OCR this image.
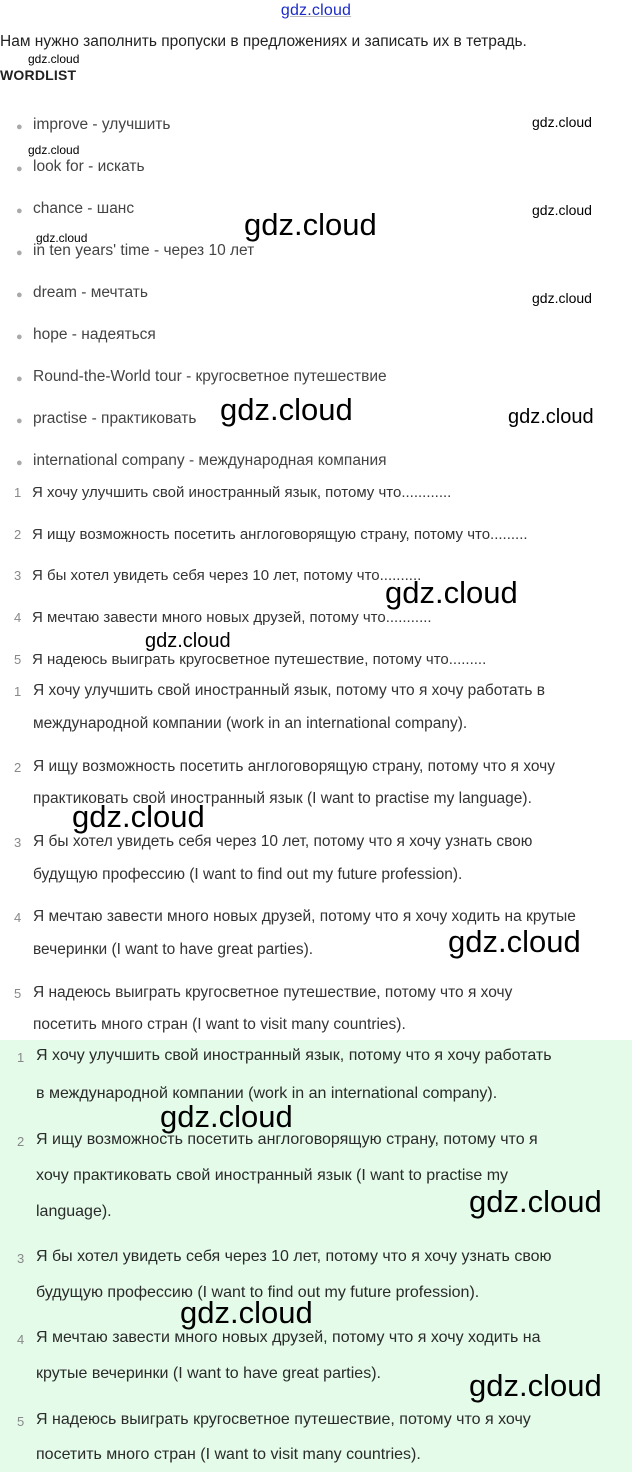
gdz.cloud
Нам нужно заполнить пропуски в предложениях и записать их в тетрадь.
WORDLIST
● improve - улучшить
● look for - искать
● chance - шанс
● in ten years' time - через 10 лет
● dream - мечтать
● hope - надеяться
● Round-the-World tour - кругосветное путешествие
● practise - практиковать
● international company - международная компания
1 Я хочу улучшить свой иностранный язык, потому что............
2 Я ищу возможность посетить англоговорящую страну, потому что.........
3 Я бы хотел увидеть себя через 10 лет, потому что..........
4 Я мечтаю завести много новых друзей, потому что...........
5 Я надеюсь выиграть кругосветное путешествие, потому что.........
1 Я хочу улучшить свой иностранный язык, потому что я хочу работать в
международной компании (work in an international company).
2 Я ищу возможность посетить англоговорящую страну, потому что я хочу
практиковать свой иностранный язык (I want to practise my language).
3 Я бы хотел увидеть себя через 10 лет, потому что я хочу узнать свою
будущую профессию (I want to find out my future profession).
4 Я мечтаю завести много новых друзей, потому что я хочу ходить на крутые
вечеринки (I want to have great parties).
5 Я надеюсь выиграть кругосветное путешествие, потому что я хочу
посетить много стран (I want to visit many countries).
1 Я хочу улучшить свой иностранный язык, потому что я хочу работать
в международной компании (work in an international company).
2 Я ищу возможность посетить англоговорящую страну, потому что я
хочу практиковать свой иностранный язык (I want to practise my
language).
3 Я бы хотел увидеть себя через 10 лет, потому что я хочу узнать свою
будущую профессию (I want to find out my future profession).
4 Я мечтаю завести много новых друзей, потому что я хочу ходить на
крутые вечеринки (I want to have great parties).
5 Я надеюсь выиграть кругосветное путешествие, потому что я хочу
посетить много стран (I want to visit many countries).
gdz.cloud
gdz.cloud
gdz.cloud
gdz.cloud
gdz.cloud
gdz.cloud
gdz.cloud
gdz.cloud	gdz.cloud
gdz.cloud
gdz.cloud
gdz.cloud
gdz.cloud
gdz.cloud
gdz.cloud
gdz.cloud
gdz.cloud
